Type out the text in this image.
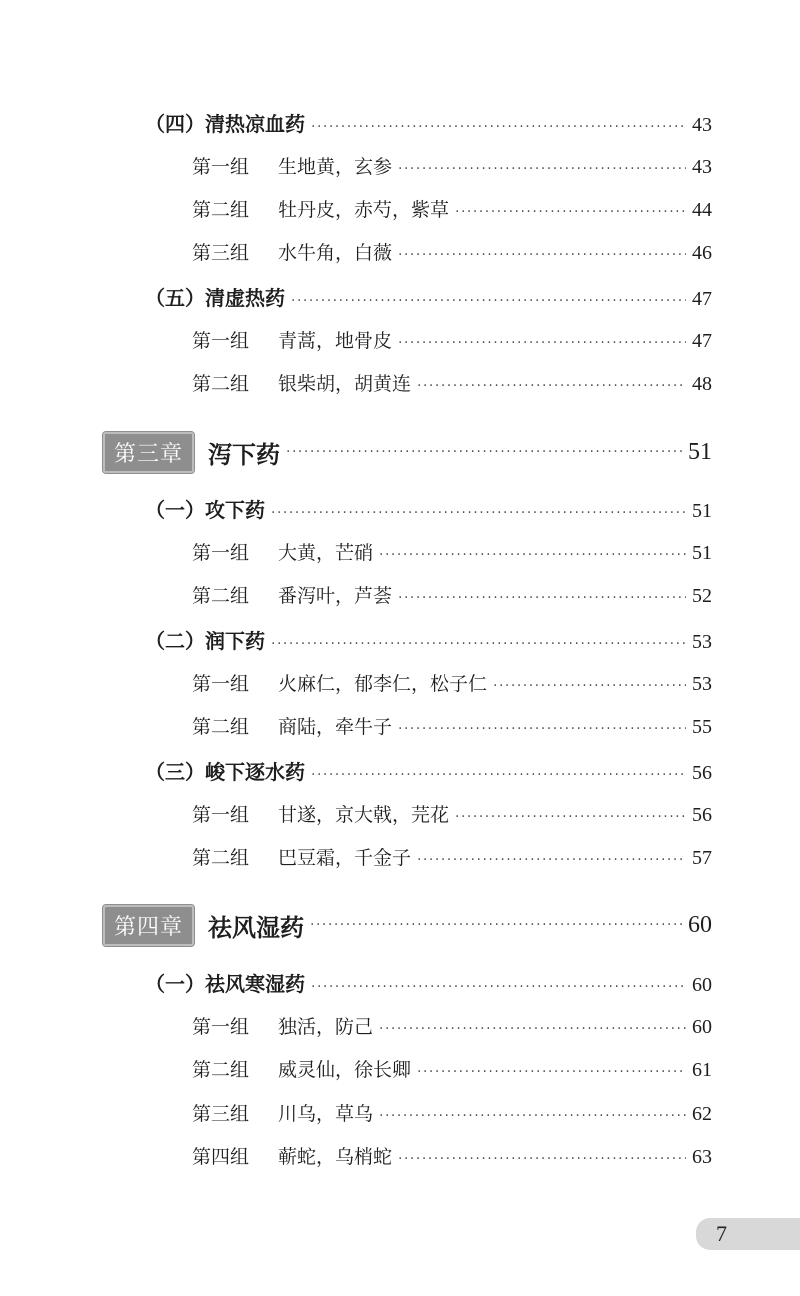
（四）清热凉血药 ·····	43
第一组	生地黄，玄参 ·····	43
第二组	牡丹皮，赤芍，紫草 ·····	44
第三组	水牛角，白薇 ·····	46
（五）清虚热药 ·····	47
第一组	青蒿，地骨皮 ·····	47
第二组	银柴胡，胡黄连 ·····	48
第三章	泻下药 ·····	51
（一）攻下药 ·····	51
第一组	大黄，芒硝 ·····	51
第二组	番泻叶，芦荟 ·····	52
（二）润下药 ·····	53
第一组	火麻仁，郁李仁，松子仁 ·····	53
第二组	商陆，牵牛子 ·····	55
（三）峻下逐水药 ·····	56
第一组	甘遂，京大戟，芫花 ·····	56
第二组	巴豆霜，千金子 ·····	57
第四章	祛风湿药 ·····	60
（一）祛风寒湿药 ·····	60
第一组	独活，防己 ·····	60
第二组	威灵仙，徐长卿 ·····	61
第三组	川乌，草乌 ·····	62
第四组	蕲蛇，乌梢蛇 ·····	63
7
